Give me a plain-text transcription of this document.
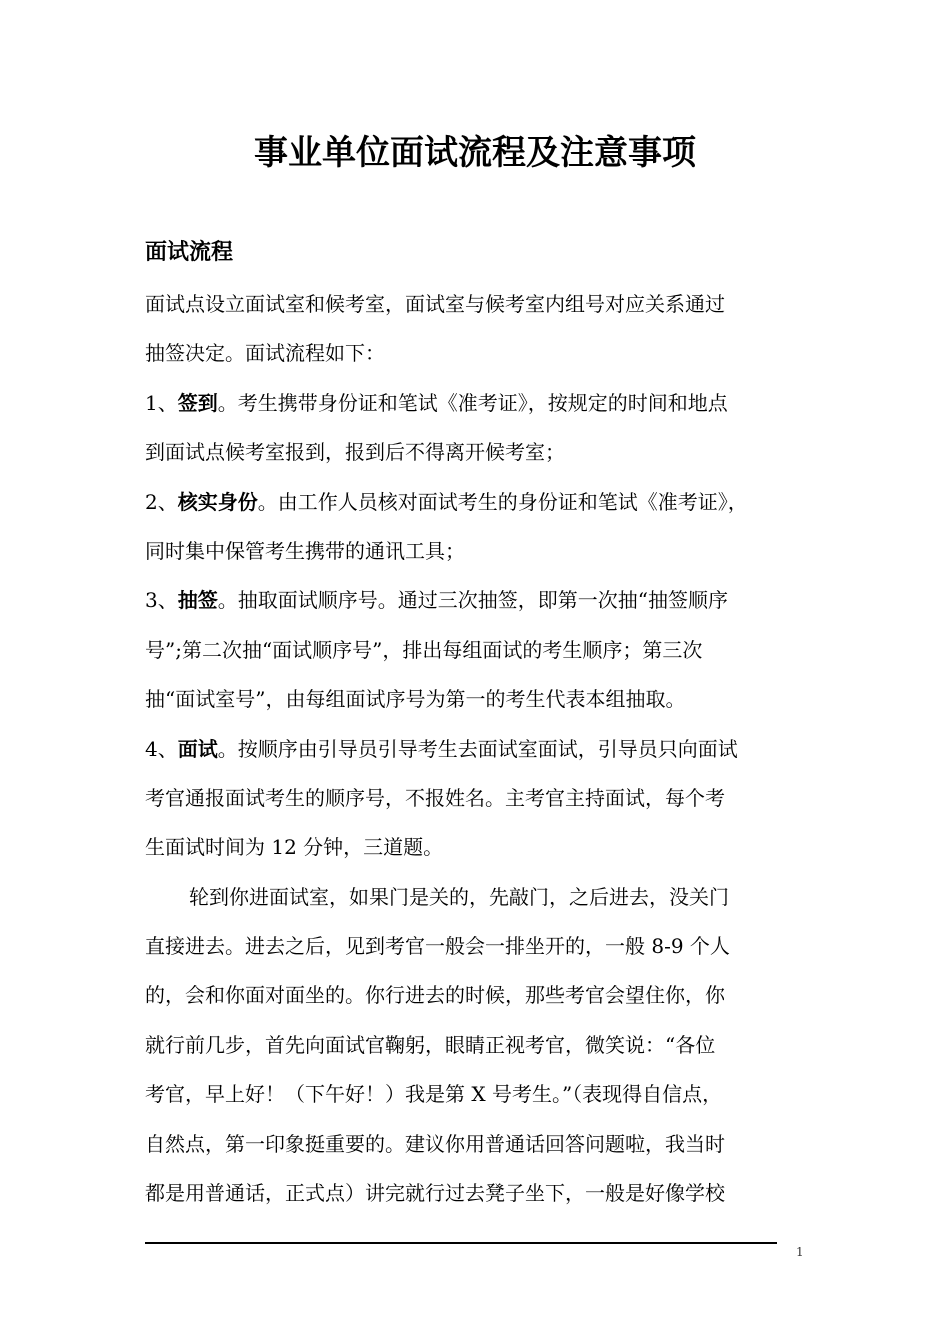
事业单位面试流程及注意事项
面试流程
面试点设立面试室和候考室，面试室与候考室内组号对应关系通过
抽签决定。面试流程如下：
1、签到。考生携带身份证和笔试《准考证》，按规定的时间和地点
到面试点候考室报到，报到后不得离开候考室；
2、核实身份。由工作人员核对面试考生的身份证和笔试《准考证》，
同时集中保管考生携带的通讯工具；
3、抽签。抽取面试顺序号。通过三次抽签，即第一次抽“抽签顺序
号”;第二次抽“面试顺序号”，排出每组面试的考生顺序；第三次
抽“面试室号”，由每组面试序号为第一的考生代表本组抽取。
4、面试。按顺序由引导员引导考生去面试室面试，引导员只向面试
考官通报面试考生的顺序号，不报姓名。主考官主持面试，每个考
生面试时间为 12 分钟，三道题。
轮到你进面试室，如果门是关的，先敲门，之后进去，没关门
直接进去。进去之后，见到考官一般会一排坐开的，一般 8-9 个人
的，会和你面对面坐的。你行进去的时候，那些考官会望住你，你
就行前几步，首先向面试官鞠躬，眼睛正视考官，微笑说：“各位
考官，早上好！（下午好！）我是第 X 号考生。”（表现得自信点，
自然点，第一印象挺重要的。建议你用普通话回答问题啦，我当时
都是用普通话，正式点）讲完就行过去凳子坐下，一般是好像学校
1
